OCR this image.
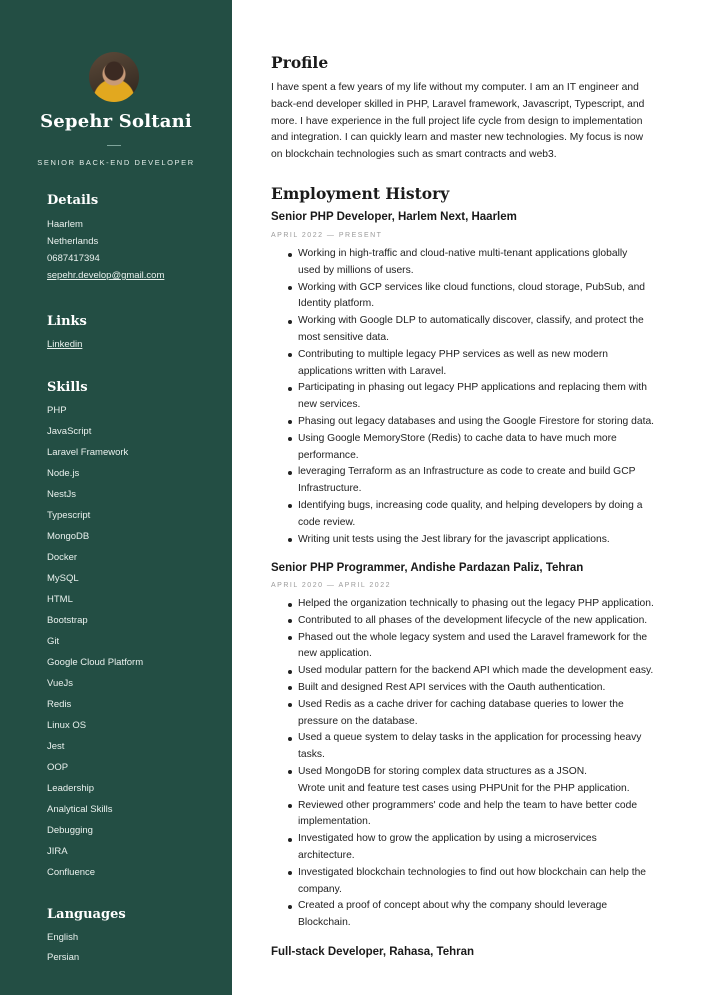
Sepehr Soltani
SENIOR BACK-END DEVELOPER
Details
Haarlem
Netherlands
0687417394
sepehr.develop@gmail.com
Links
Linkedin
Skills
PHP
JavaScript
Laravel Framework
Node.js
NestJs
Typescript
MongoDB
Docker
MySQL
HTML
Bootstrap
Git
Google Cloud Platform
VueJs
Redis
Linux OS
Jest
OOP
Leadership
Analytical Skills
Debugging
JIRA
Confluence
Languages
English
Persian
Profile
I have spent a few years of my life without my computer. I am an IT engineer and
back-end developer skilled in PHP, Laravel framework, Javascript, Typescript, and
more. I have experience in the full project life cycle from design to implementation
and integration. I can quickly learn and master new technologies. My focus is now
on blockchain technologies such as smart contracts and web3.
Employment History
Senior PHP Developer, Harlem Next, Haarlem
APRIL 2022 — PRESENT
Working in high-traffic and cloud-native multi-tenant applications globally
used by millions of users.
Working with GCP services like cloud functions, cloud storage, PubSub, and
Identity platform.
Working with Google DLP to automatically discover, classify, and protect the
most sensitive data.
Contributing to multiple legacy PHP services as well as new modern
applications written with Laravel.
Participating in phasing out legacy PHP applications and replacing them with
new services.
Phasing out legacy databases and using the Google Firestore for storing data.
Using Google MemoryStore (Redis) to cache data to have much more
performance.
leveraging Terraform as an Infrastructure as code to create and build GCP
Infrastructure.
Identifying bugs, increasing code quality, and helping developers by doing a
code review.
Writing unit tests using the Jest library for the javascript applications.
Senior PHP Programmer, Andishe Pardazan Paliz, Tehran
APRIL 2020 — APRIL 2022
Helped the organization technically to phasing out the legacy PHP application.
Contributed to all phases of the development lifecycle of the new application.
Phased out the whole legacy system and used the Laravel framework for the
new application.
Used modular pattern for the backend API which made the development easy.
Built and designed Rest API services with the Oauth authentication.
Used Redis as a cache driver for caching database queries to lower the
pressure on the database.
Used a queue system to delay tasks in the application for processing heavy
tasks.
Used MongoDB for storing complex data structures as a JSON.
Wrote unit and feature test cases using PHPUnit for the PHP application.
Reviewed other programmers' code and help the team to have better code
implementation.
Investigated how to grow the application by using a microservices
architecture.
Investigated blockchain technologies to find out how blockchain can help the
company.
Created a proof of concept about why the company should leverage
Blockchain.
Full-stack Developer, Rahasa, Tehran
